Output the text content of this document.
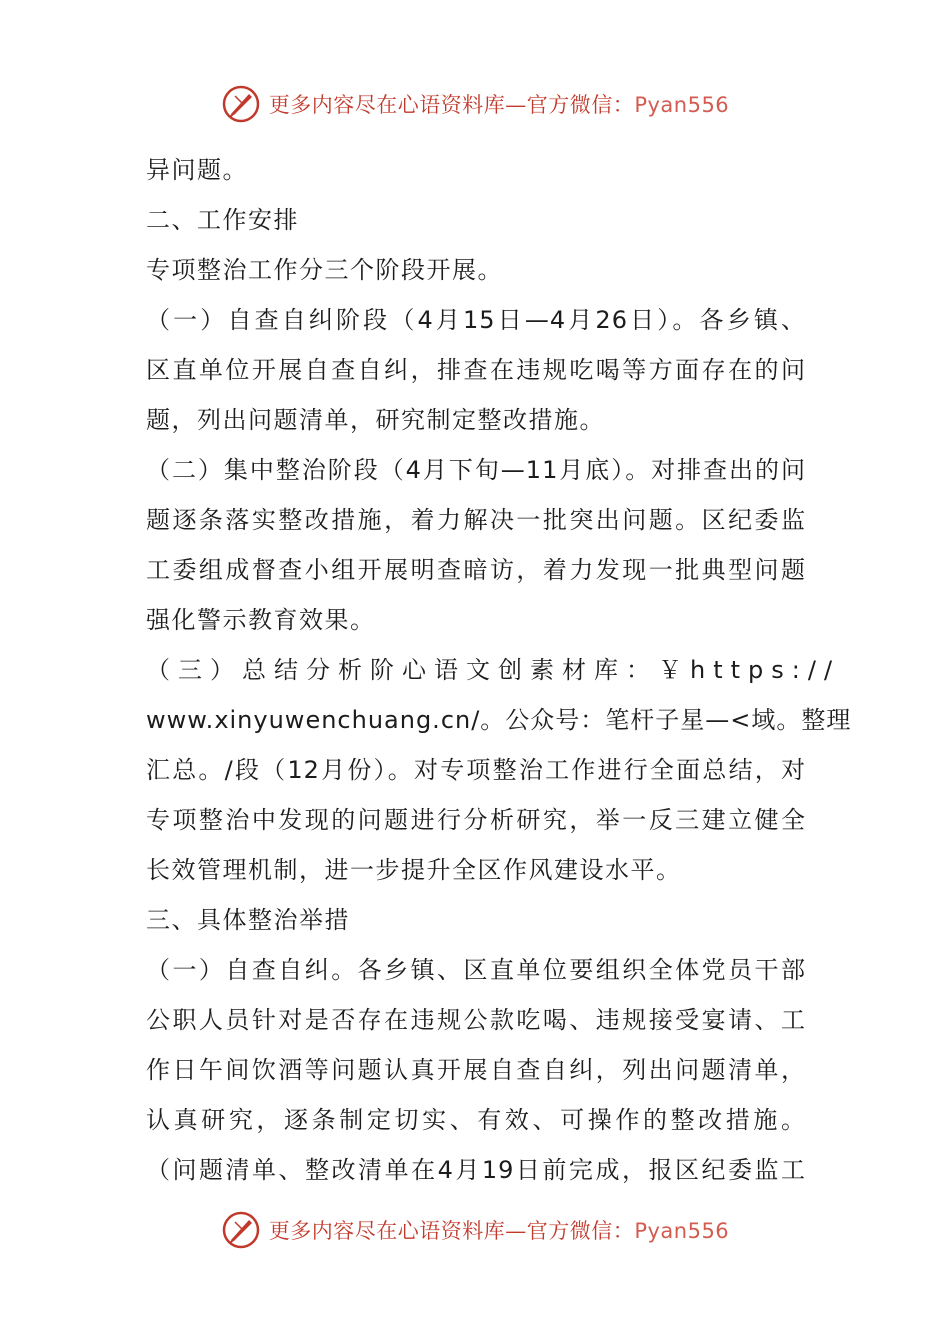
更多内容尽在心语资料库—官方微信：Pyan556
异问题。
二、工作安排
专项整治工作分三个阶段开展。
（一）自查自纠阶段（4月15日—4月26日）。各乡镇、
区直单位开展自查自纠，排查在违规吃喝等方面存在的问
题，列出问题清单，研究制定整改措施。
（二）集中整治阶段（4月下旬—11月底）。对排查出的问
题逐条落实整改措施，着力解决一批突出问题。区纪委监
工委组成督查小组开展明查暗访，着力发现一批典型问题
强化警示教育效果。
（三）总结分析阶心语文创素材库：￥https://
www.xinyuwenchuang.cn/。公众号：笔杆子星—<域。整理
汇总。/段（12月份）。对专项整治工作进行全面总结，对
专项整治中发现的问题进行分析研究，举一反三建立健全
长效管理机制，进一步提升全区作风建设水平。
三、具体整治举措
（一）自查自纠。各乡镇、区直单位要组织全体党员干部
公职人员针对是否存在违规公款吃喝、违规接受宴请、工
作日午间饮酒等问题认真开展自查自纠，列出问题清单，
认真研究，逐条制定切实、有效、可操作的整改措施。
（问题清单、整改清单在4月19日前完成，报区纪委监工
更多内容尽在心语资料库—官方微信：Pyan556
